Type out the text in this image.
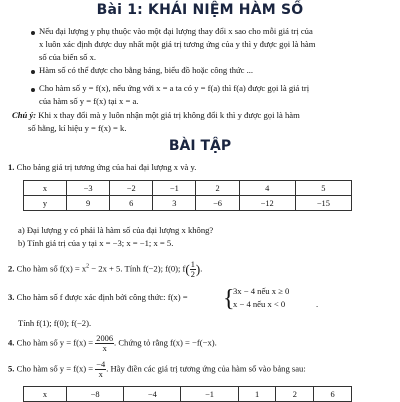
Bài 1: KHÁI NIỆM HÀM SỐ
Nếu đại lượng y phụ thuộc vào một đại lượng thay đổi x sao cho mỗi giá trị của
x luôn xác định được duy nhất một giá trị tương ứng của y thì y được gọi là hàm
số của biến số x.
Hàm số có thể được cho bằng bảng, biểu đồ hoặc công thức ...
Cho hàm số y = f(x), nếu ứng với x = a ta có y = f(a) thì f(a) được gọi là giá trị
của hàm số y = f(x) tại x = a.
Chú ý: Khi x thay đổi mà y luôn nhận một giá trị không đổi k thì y được gọi là hàm
số hằng, kí hiệu y = f(x) = k.
BÀI TẬP
1. Cho bảng giá trị tương ứng của hai đại lượng x và y.
x	−3	−2	−1	2	4	5
y	9	6	3	−6	−12	−15
a) Đại lượng y có phải là hàm số của đại lượng x không?
b) Tính giá trị của y tại x = −3; x = −1; x = 5.
2. Cho hàm số $f(x) = x^2 - 2x + 5$. Tính f(−2); f(0); $f( \frac{1}{2}$ ).
3. Cho hàm số f được xác định bởi công thức: f(x) = {
3x − 4 nếu x ≥ 0
x − 4 nếu x < 0	.
Tính f(1); f(0); f(−2).
4. Cho hàm số $y = f(x) = \frac{2006}{x}$ . Chứng tỏ rằng f(x) = −f(−x).
5. Cho hàm số $y = f(x) = \frac{-4}{x}$ . Hãy điền các giá trị tương ứng của hàm số vào bảng sau:
x	−8	−4	−1	1	2	6
